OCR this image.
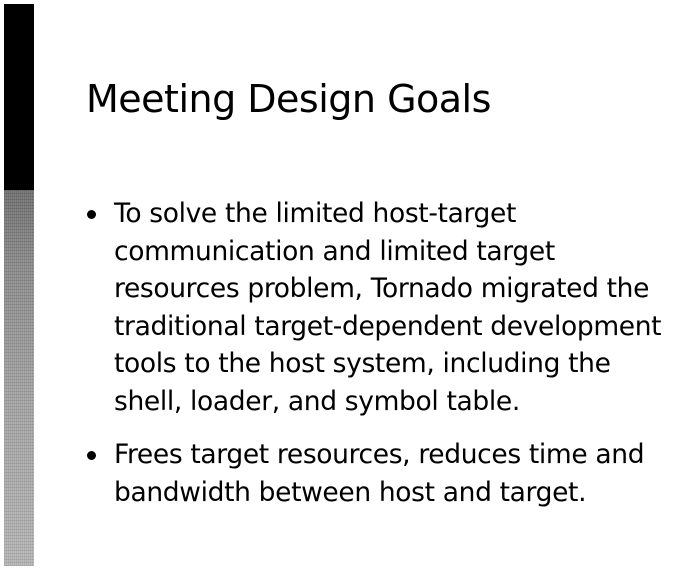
Meeting Design Goals
To solve the limited host-target
communication and limited target
resources problem, Tornado migrated the
traditional target-dependent development
tools to the host system, including the
shell, loader, and symbol table.
Frees target resources, reduces time and
bandwidth between host and target.
